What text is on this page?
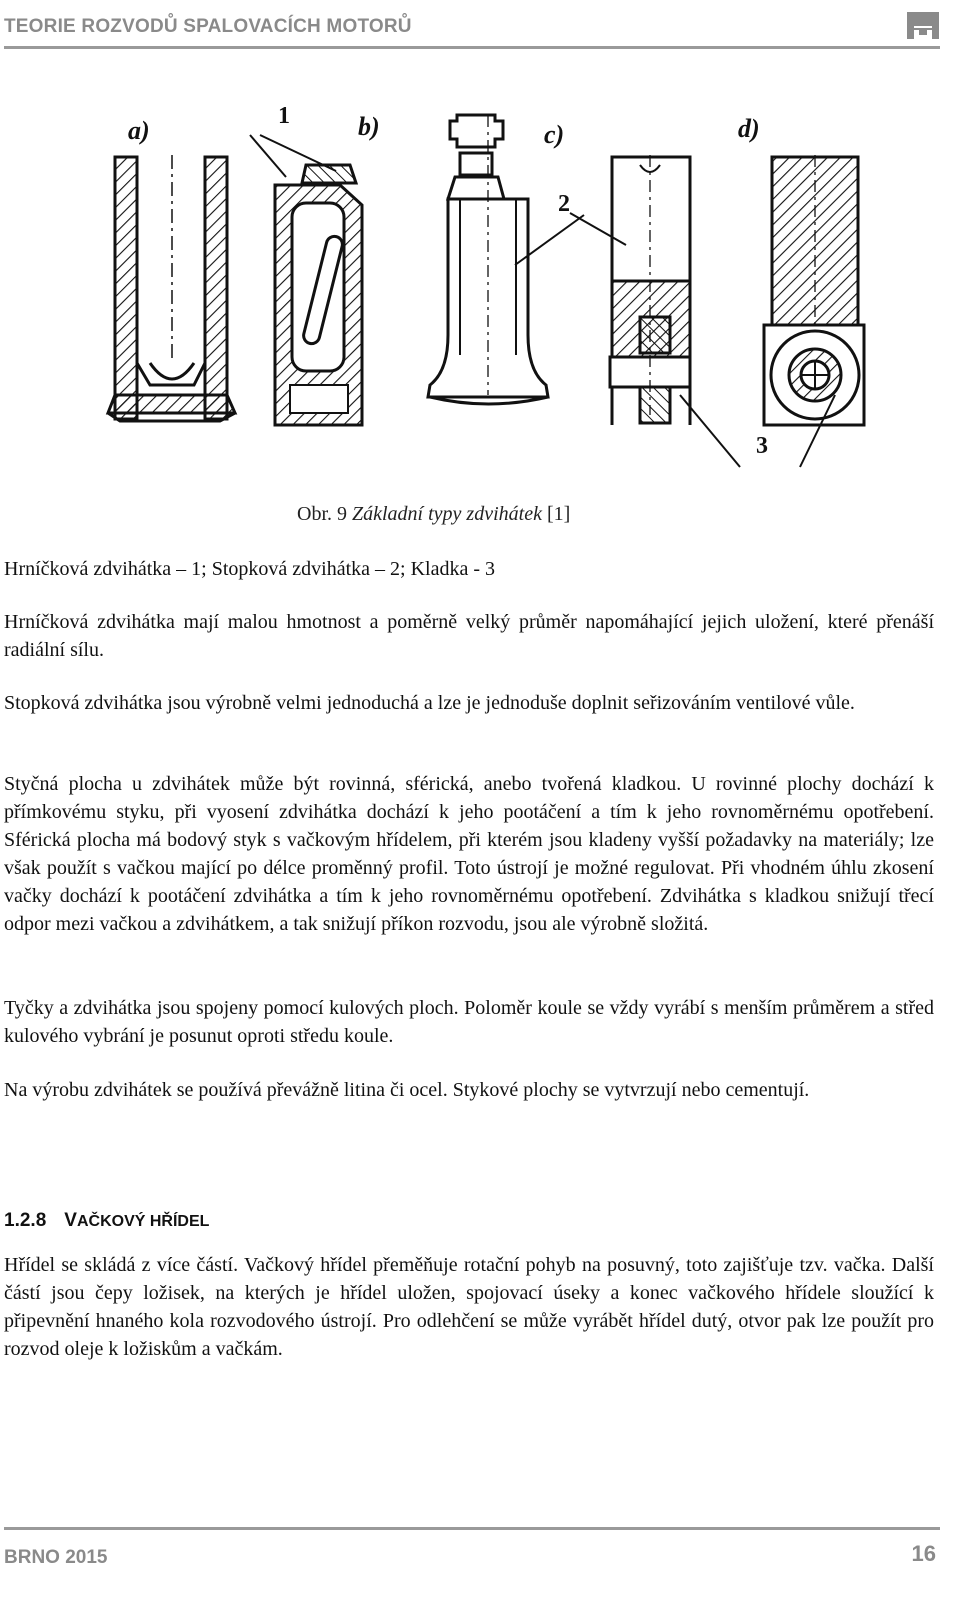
TEORIE ROZVODŮ SPALOVACÍCH MOTORŮ
a)	b)	c)	d)
1
2
3
Obr. 9 Základní typy zdvihátek [1]

Hrníčková zdvihátka – 1; Stopková zdvihátka – 2; Kladka - 3

Hrníčková zdvihátka mají malou hmotnost a poměrně velký průměr napomáhající jejich uložení, které přenáší radiální sílu.

Stopková zdvihátka jsou výrobně velmi jednoduchá a lze je jednoduše doplnit seřizováním ventilové vůle.

Styčná plocha u zdvihátek může být rovinná, sférická, anebo tvořená kladkou. U rovinné plochy dochází k přímkovému styku, při vyosení zdvihátka dochází k jeho pootáčení a tím k jeho rovnoměrnému opotřebení. Sférická plocha má bodový styk s vačkovým hřídelem, při kterém jsou kladeny vyšší požadavky na materiály; lze však použít s vačkou mající po délce proměnný profil. Toto ústrojí je možné regulovat. Při vhodném úhlu zkosení vačky dochází k pootáčení zdvihátka a tím k jeho rovnoměrnému opotřebení. Zdvihátka s kladkou snižují třecí odpor mezi vačkou a zdvihátkem, a tak snižují příkon rozvodu, jsou ale výrobně složitá.

Tyčky a zdvihátka jsou spojeny pomocí kulových ploch. Poloměr koule se vždy vyrábí s menším průměrem a střed kulového vybrání je posunut oproti středu koule.

Na výrobu zdvihátek se používá převážně litina či ocel. Stykové plochy se vytvrzují nebo cementují.

1.2.8 VAČKOVÝ HŘÍDEL

Hřídel se skládá z více částí. Vačkový hřídel přeměňuje rotační pohyb na posuvný, toto zajišťuje tzv. vačka. Další částí jsou čepy ložisek, na kterých je hřídel uložen, spojovací úseky a konec vačkového hřídele sloužící k připevnění hnaného kola rozvodového ústrojí. Pro odlehčení se může vyrábět hřídel dutý, otvor pak lze použít pro rozvod oleje k ložiskům a vačkám.

BRNO 2015	16
